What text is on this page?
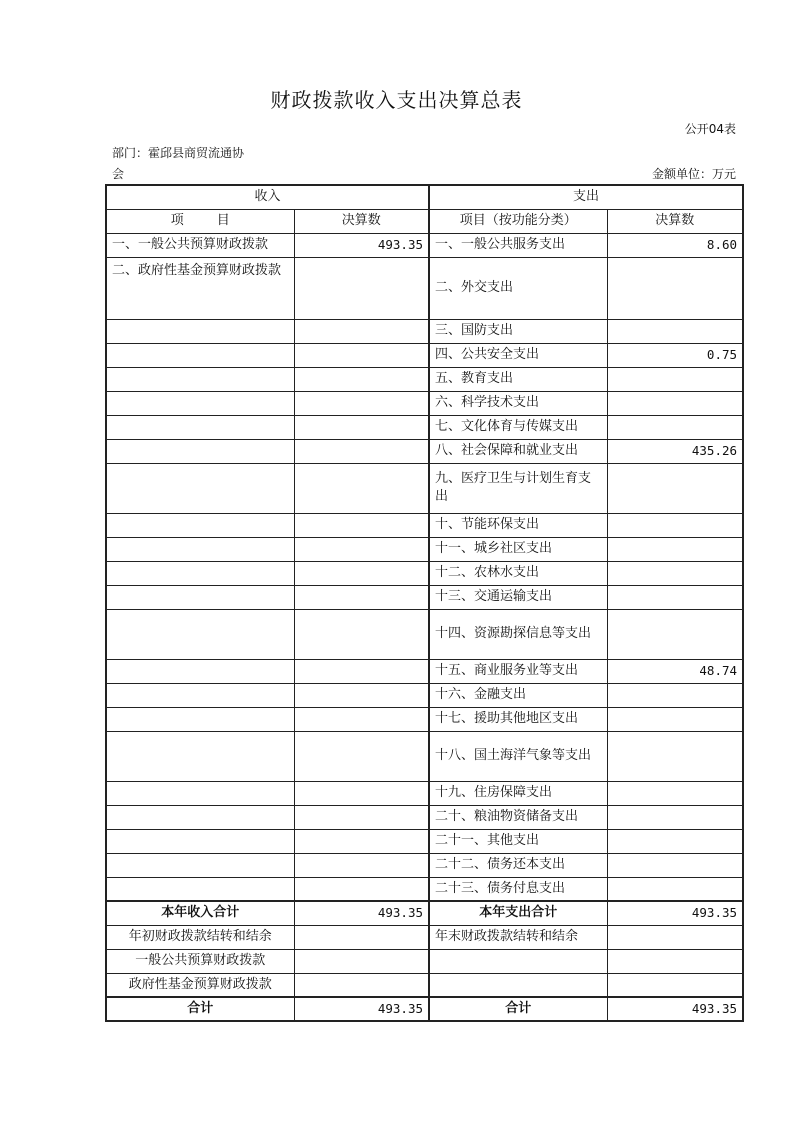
财政拨款收入支出决算总表
公开04表
部门：霍邱县商贸流通协
会	金额单位：万元
收入		支出	
项        目	决算数	项目（按功能分类）	决算数
一、一般公共预算财政拨款	493.35	一、一般公共服务支出	8.60
二、政府性基金预算财政拨款		二、外交支出	
		三、国防支出	
		四、公共安全支出	0.75
		五、教育支出	
		六、科学技术支出	
		七、文化体育与传媒支出	
		八、社会保障和就业支出	435.26
		九、医疗卫生与计划生育支出	
		十、节能环保支出	
		十一、城乡社区支出	
		十二、农林水支出	
		十三、交通运输支出	
		十四、资源勘探信息等支出	
		十五、商业服务业等支出	48.74
		十六、金融支出	
		十七、援助其他地区支出	
		十八、国土海洋气象等支出	
		十九、住房保障支出	
		二十、粮油物资储备支出	
		二十一、其他支出	
		二十二、债务还本支出	
		二十三、债务付息支出	
本年收入合计	493.35	本年支出合计	493.35
年初财政拨款结转和结余		年末财政拨款结转和结余	
一般公共预算财政拨款			
政府性基金预算财政拨款			
合计	493.35	合计	493.35
